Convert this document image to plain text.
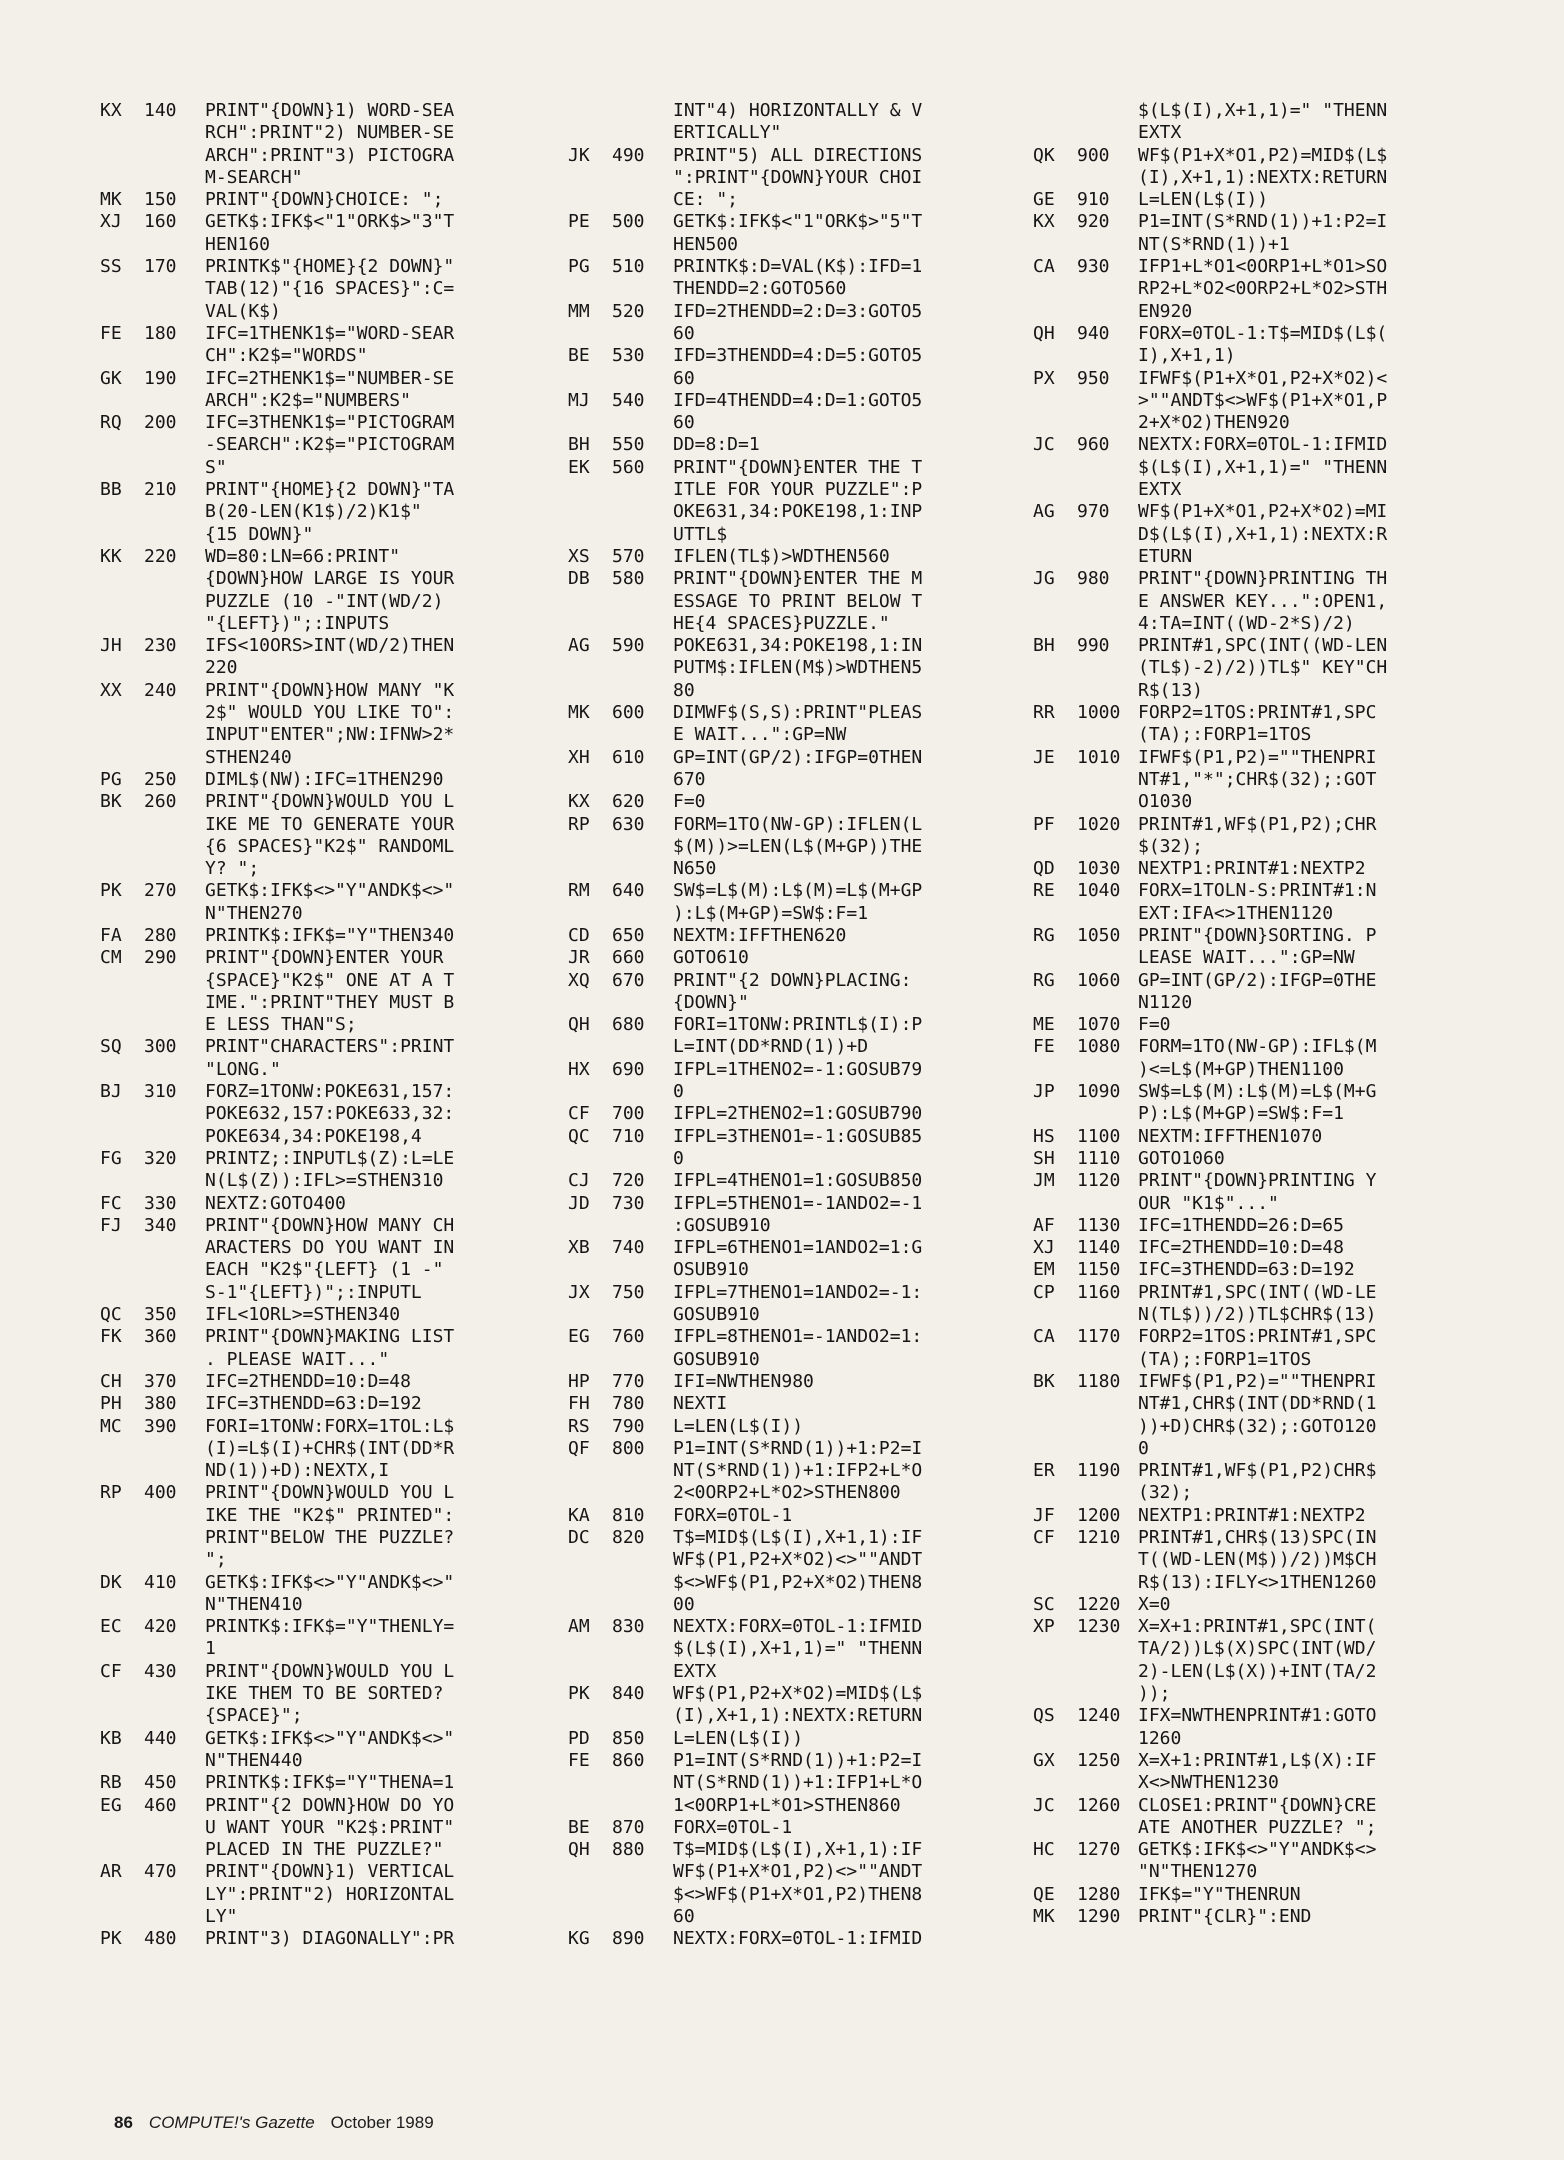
KX	140	PRINT"{DOWN}1) WORD-SEA
RCH":PRINT"2) NUMBER-SE
ARCH":PRINT"3) PICTOGRA
M-SEARCH"
MK	150	PRINT"{DOWN}CHOICE: ";
XJ	160	GETK$:IFK$<"1"ORK$>"3"T
HEN160
SS	170	PRINTK$"{HOME}{2 DOWN}"
TAB(12)"{16 SPACES}":C=
VAL(K$)
FE	180	IFC=1THENK1$="WORD-SEAR
CH":K2$="WORDS"
GK	190	IFC=2THENK1$="NUMBER-SE
ARCH":K2$="NUMBERS"
RQ	200	IFC=3THENK1$="PICTOGRAM
-SEARCH":K2$="PICTOGRAM
S"
BB	210	PRINT"{HOME}{2 DOWN}"TA
B(20-LEN(K1$)/2)K1$"
{15 DOWN}"
KK	220	WD=80:LN=66:PRINT"
{DOWN}HOW LARGE IS YOUR
PUZZLE (10 -"INT(WD/2)
"{LEFT})";:INPUTS
JH	230	IFS<10ORS>INT(WD/2)THEN
220
XX	240	PRINT"{DOWN}HOW MANY "K
2$" WOULD YOU LIKE TO":
INPUT"ENTER";NW:IFNW>2*
STHEN240
PG	250	DIML$(NW):IFC=1THEN290
BK	260	PRINT"{DOWN}WOULD YOU L
IKE ME TO GENERATE YOUR
{6 SPACES}"K2$" RANDOML
Y? ";
PK	270	GETK$:IFK$<>"Y"ANDK$<>"
N"THEN270
FA	280	PRINTK$:IFK$="Y"THEN340
CM	290	PRINT"{DOWN}ENTER YOUR
{SPACE}"K2$" ONE AT A T
IME.":PRINT"THEY MUST B
E LESS THAN"S;
SQ	300	PRINT"CHARACTERS":PRINT
"LONG."
BJ	310	FORZ=1TONW:POKE631,157:
POKE632,157:POKE633,32:
POKE634,34:POKE198,4
FG	320	PRINTZ;:INPUTL$(Z):L=LE
N(L$(Z)):IFL>=STHEN310
FC	330	NEXTZ:GOTO400
FJ	340	PRINT"{DOWN}HOW MANY CH
ARACTERS DO YOU WANT IN
EACH "K2$"{LEFT} (1 -"
S-1"{LEFT})";:INPUTL
QC	350	IFL<1ORL>=STHEN340
FK	360	PRINT"{DOWN}MAKING LIST
. PLEASE WAIT..."
CH	370	IFC=2THENDD=10:D=48
PH	380	IFC=3THENDD=63:D=192
MC	390	FORI=1TONW:FORX=1TOL:L$
(I)=L$(I)+CHR$(INT(DD*R
ND(1))+D):NEXTX,I
RP	400	PRINT"{DOWN}WOULD YOU L
IKE THE "K2$" PRINTED":
PRINT"BELOW THE PUZZLE?
";
DK	410	GETK$:IFK$<>"Y"ANDK$<>"
N"THEN410
EC	420	PRINTK$:IFK$="Y"THENLY=
1
CF	430	PRINT"{DOWN}WOULD YOU L
IKE THEM TO BE SORTED?
{SPACE}";
KB	440	GETK$:IFK$<>"Y"ANDK$<>"
N"THEN440
RB	450	PRINTK$:IFK$="Y"THENA=1
EG	460	PRINT"{2 DOWN}HOW DO YO
U WANT YOUR "K2$:PRINT"
PLACED IN THE PUZZLE?"
AR	470	PRINT"{DOWN}1) VERTICAL
LY":PRINT"2) HORIZONTAL
LY"
PK	480	PRINT"3) DIAGONALLY":PR
INT"4) HORIZONTALLY & V
ERTICALLY"
JK	490	PRINT"5) ALL DIRECTIONS
":PRINT"{DOWN}YOUR CHOI
CE: ";
PE	500	GETK$:IFK$<"1"ORK$>"5"T
HEN500
PG	510	PRINTK$:D=VAL(K$):IFD=1
THENDD=2:GOTO560
MM	520	IFD=2THENDD=2:D=3:GOTO5
60
BE	530	IFD=3THENDD=4:D=5:GOTO5
60
MJ	540	IFD=4THENDD=4:D=1:GOTO5
60
BH	550	DD=8:D=1
EK	560	PRINT"{DOWN}ENTER THE T
ITLE FOR YOUR PUZZLE":P
OKE631,34:POKE198,1:INP
UTTL$
XS	570	IFLEN(TL$)>WDTHEN560
DB	580	PRINT"{DOWN}ENTER THE M
ESSAGE TO PRINT BELOW T
HE{4 SPACES}PUZZLE."
AG	590	POKE631,34:POKE198,1:IN
PUTM$:IFLEN(M$)>WDTHEN5
80
MK	600	DIMWF$(S,S):PRINT"PLEAS
E WAIT...":GP=NW
XH	610	GP=INT(GP/2):IFGP=0THEN
670
KX	620	F=0
RP	630	FORM=1TO(NW-GP):IFLEN(L
$(M))>=LEN(L$(M+GP))THE
N650
RM	640	SW$=L$(M):L$(M)=L$(M+GP
):L$(M+GP)=SW$:F=1
CD	650	NEXTM:IFFTHEN620
JR	660	GOTO610
XQ	670	PRINT"{2 DOWN}PLACING:
{DOWN}"
QH	680	FORI=1TONW:PRINTL$(I):P
L=INT(DD*RND(1))+D
HX	690	IFPL=1THENO2=-1:GOSUB79
0
CF	700	IFPL=2THENO2=1:GOSUB790
QC	710	IFPL=3THENO1=-1:GOSUB85
0
CJ	720	IFPL=4THENO1=1:GOSUB850
JD	730	IFPL=5THENO1=-1ANDO2=-1
:GOSUB910
XB	740	IFPL=6THENO1=1ANDO2=1:G
OSUB910
JX	750	IFPL=7THENO1=1ANDO2=-1:
GOSUB910
EG	760	IFPL=8THENO1=-1ANDO2=1:
GOSUB910
HP	770	IFI=NWTHEN980
FH	780	NEXTI
RS	790	L=LEN(L$(I))
QF	800	P1=INT(S*RND(1))+1:P2=I
NT(S*RND(1))+1:IFP2+L*O
2<0ORP2+L*O2>STHEN800
KA	810	FORX=0TOL-1
DC	820	T$=MID$(L$(I),X+1,1):IF
WF$(P1,P2+X*O2)<>""ANDT
$<>WF$(P1,P2+X*O2)THEN8
00
AM	830	NEXTX:FORX=0TOL-1:IFMID
$(L$(I),X+1,1)=" "THENN
EXTX
PK	840	WF$(P1,P2+X*O2)=MID$(L$
(I),X+1,1):NEXTX:RETURN
PD	850	L=LEN(L$(I))
FE	860	P1=INT(S*RND(1))+1:P2=I
NT(S*RND(1))+1:IFP1+L*O
1<0ORP1+L*O1>STHEN860
BE	870	FORX=0TOL-1
QH	880	T$=MID$(L$(I),X+1,1):IF
WF$(P1+X*O1,P2)<>""ANDT
$<>WF$(P1+X*O1,P2)THEN8
60
KG	890	NEXTX:FORX=0TOL-1:IFMID
$(L$(I),X+1,1)=" "THENN
EXTX
QK	900	WF$(P1+X*O1,P2)=MID$(L$
(I),X+1,1):NEXTX:RETURN
GE	910	L=LEN(L$(I))
KX	920	P1=INT(S*RND(1))+1:P2=I
NT(S*RND(1))+1
CA	930	IFP1+L*O1<0ORP1+L*O1>SO
RP2+L*O2<0ORP2+L*O2>STH
EN920
QH	940	FORX=0TOL-1:T$=MID$(L$(
I),X+1,1)
PX	950	IFWF$(P1+X*O1,P2+X*O2)<
>""ANDT$<>WF$(P1+X*O1,P
2+X*O2)THEN920
JC	960	NEXTX:FORX=0TOL-1:IFMID
$(L$(I),X+1,1)=" "THENN
EXTX
AG	970	WF$(P1+X*O1,P2+X*O2)=MI
D$(L$(I),X+1,1):NEXTX:R
ETURN
JG	980	PRINT"{DOWN}PRINTING TH
E ANSWER KEY...":OPEN1,
4:TA=INT((WD-2*S)/2)
BH	990	PRINT#1,SPC(INT((WD-LEN
(TL$)-2)/2))TL$" KEY"CH
R$(13)
RR	1000 FORP2=1TOS:PRINT#1,SPC
(TA);:FORP1=1TOS
JE	1010 IFWF$(P1,P2)=""THENPRI
NT#1,"*";CHR$(32);:GOT
O1030
PF	1020 PRINT#1,WF$(P1,P2);CHR
$(32);
QD	1030 NEXTP1:PRINT#1:NEXTP2
RE	1040 FORX=1TOLN-S:PRINT#1:N
EXT:IFA<>1THEN1120
RG	1050 PRINT"{DOWN}SORTING. P
LEASE WAIT...":GP=NW
RG	1060 GP=INT(GP/2):IFGP=0THE
N1120
ME	1070 F=0
FE	1080 FORM=1TO(NW-GP):IFL$(M
)<=L$(M+GP)THEN1100
JP	1090 SW$=L$(M):L$(M)=L$(M+G
P):L$(M+GP)=SW$:F=1
HS	1100 NEXTM:IFFTHEN1070
SH	1110 GOTO1060
JM	1120 PRINT"{DOWN}PRINTING Y
OUR "K1$"..."
AF	1130 IFC=1THENDD=26:D=65
XJ	1140 IFC=2THENDD=10:D=48
EM	1150 IFC=3THENDD=63:D=192
CP	1160 PRINT#1,SPC(INT((WD-LE
N(TL$))/2))TL$CHR$(13)
CA	1170 FORP2=1TOS:PRINT#1,SPC
(TA);:FORP1=1TOS
BK	1180 IFWF$(P1,P2)=""THENPRI
NT#1,CHR$(INT(DD*RND(1
))+D)CHR$(32);:GOTO120
0
ER	1190 PRINT#1,WF$(P1,P2)CHR$
(32);
JF	1200 NEXTP1:PRINT#1:NEXTP2
CF	1210 PRINT#1,CHR$(13)SPC(IN
T((WD-LEN(M$))/2))M$CH
R$(13):IFLY<>1THEN1260
SC	1220 X=0
XP	1230 X=X+1:PRINT#1,SPC(INT(
TA/2))L$(X)SPC(INT(WD/
2)-LEN(L$(X))+INT(TA/2
));
QS	1240 IFX=NWTHENPRINT#1:GOTO
1260
GX	1250 X=X+1:PRINT#1,L$(X):IF
X<>NWTHEN1230
JC	1260 CLOSE1:PRINT"{DOWN}CRE
ATE ANOTHER PUZZLE? ";
HC	1270 GETK$:IFK$<>"Y"ANDK$<>
"N"THEN1270
QE	1280 IFK$="Y"THENRUN
MK	1290 PRINT"{CLR}":END
86 COMPUTE!'s Gazette October 1989
